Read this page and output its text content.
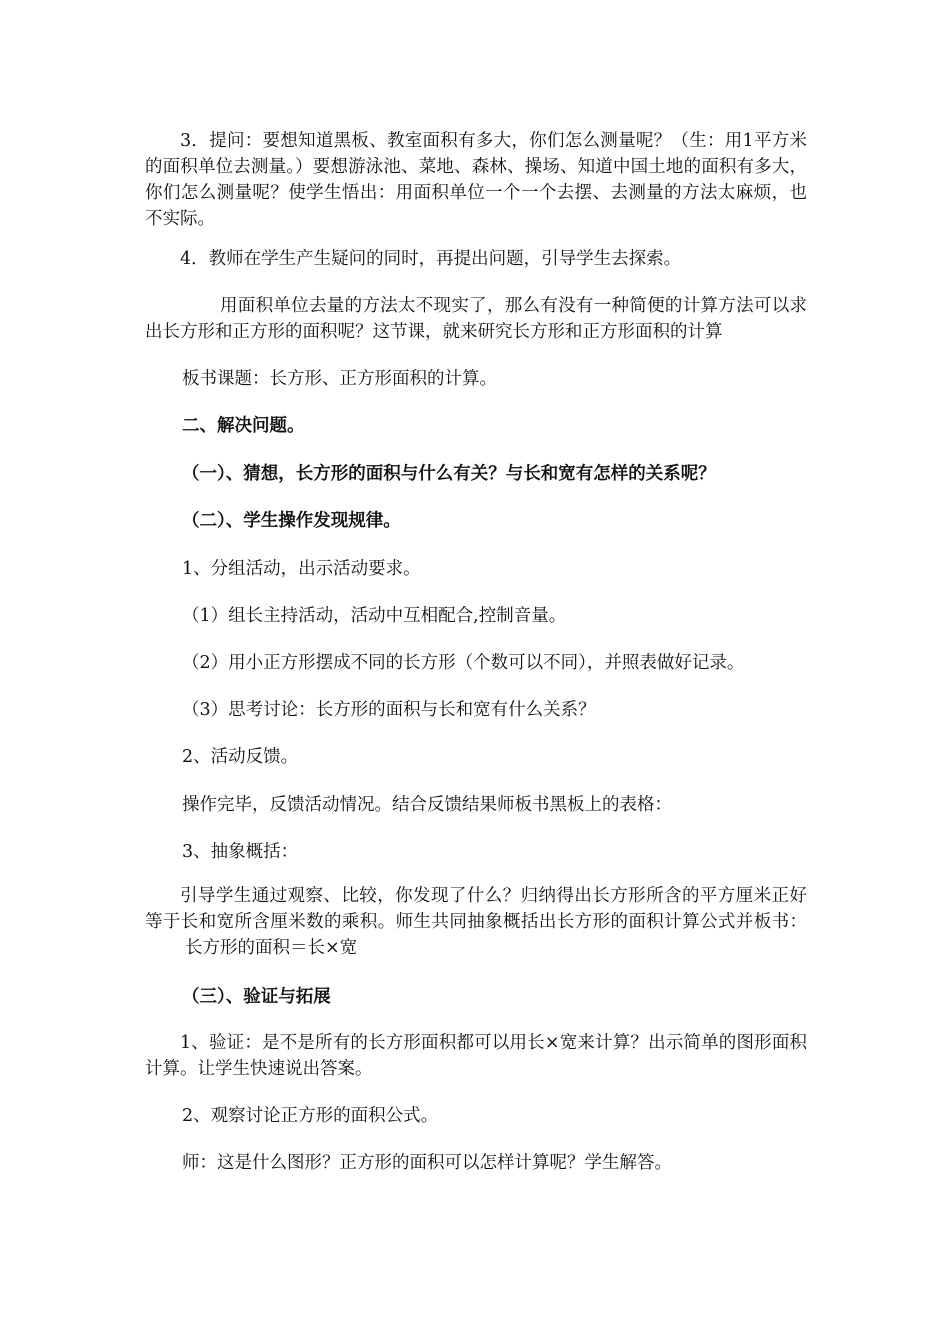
3．提问：要想知道黑板、教室面积有多大，你们怎么测量呢？（生：用1平方米的面积单位去测量。）要想游泳池、菜地、森林、操场、知道中国土地的面积有多大，你们怎么测量呢？使学生悟出：用面积单位一个一个去摆、去测量的方法太麻烦，也不实际。

4．教师在学生产生疑问的同时，再提出问题，引导学生去探索。

用面积单位去量的方法太不现实了，那么有没有一种简便的计算方法可以求出长方形和正方形的面积呢？这节课，就来研究长方形和正方形面积的计算

板书课题：长方形、正方形面积的计算。

二、解决问题。

（一）、猜想，长方形的面积与什么有关？与长和宽有怎样的关系呢？

（二）、学生操作发现规律。

1、分组活动，出示活动要求。

（1）组长主持活动，活动中互相配合,控制音量。

（2）用小正方形摆成不同的长方形（个数可以不同），并照表做好记录。

（3）思考讨论：长方形的面积与长和宽有什么关系？

2、活动反馈。

操作完毕，反馈活动情况。结合反馈结果师板书黑板上的表格：

3、抽象概括：

引导学生通过观察、比较，你发现了什么？归纳得出长方形所含的平方厘米正好等于长和宽所含厘米数的乘积。师生共同抽象概括出长方形的面积计算公式并板书：长方形的面积＝长×宽

（三）、验证与拓展

1、验证：是不是所有的长方形面积都可以用长×宽来计算？出示简单的图形面积计算。让学生快速说出答案。

2、观察讨论正方形的面积公式。

师：这是什么图形？正方形的面积可以怎样计算呢？学生解答。
